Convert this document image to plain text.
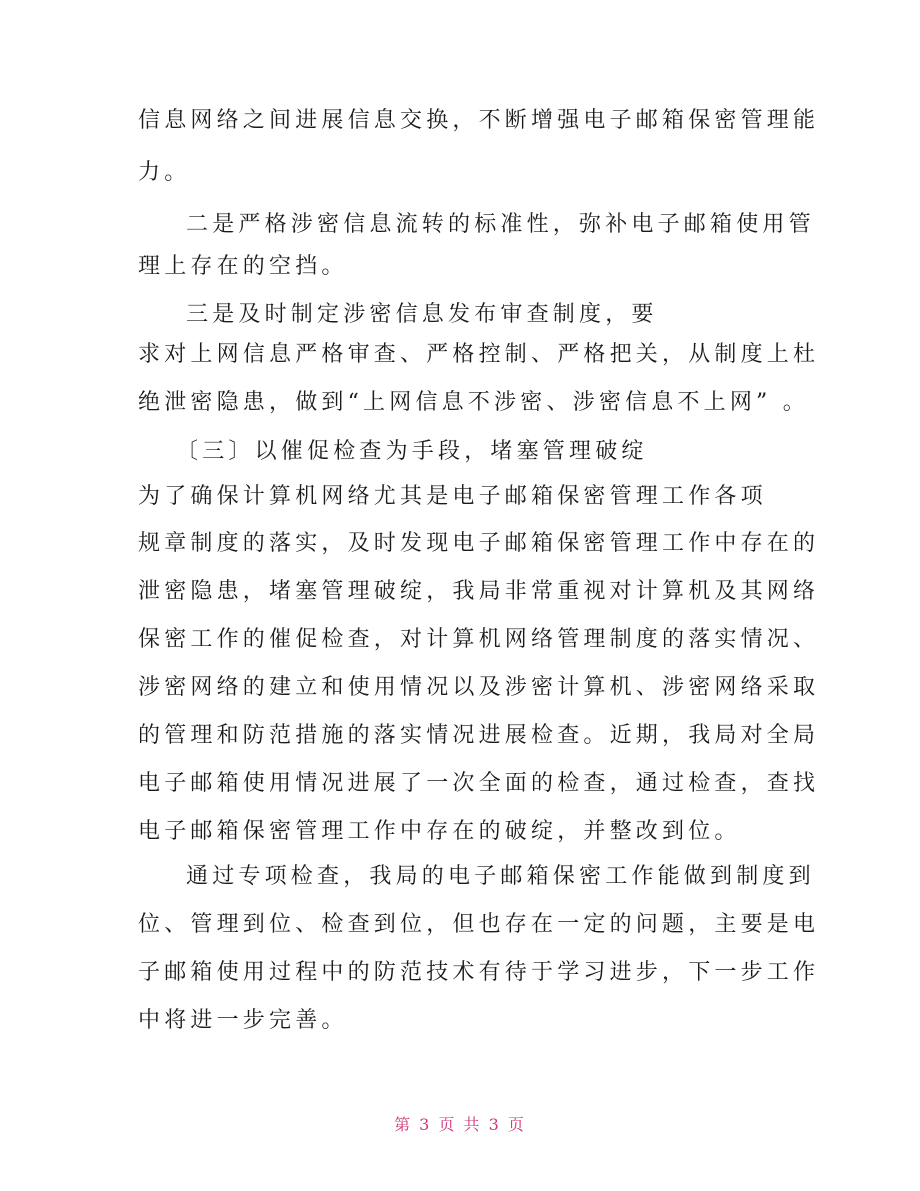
信息网络之间进展信息交换，不断增强电子邮箱保密管理能
力。
二是严格涉密信息流转的标准性，弥补电子邮箱使用管
理上存在的空挡。
三是及时制定涉密信息发布审查制度，要
求对上网信息严格审查、严格控制、严格把关，从制度上杜
绝泄密隐患，做到“上网信息不涉密、涉密信息不上网” 。
〔三〕以催促检查为手段，堵塞管理破绽
为了确保计算机网络尤其是电子邮箱保密管理工作各项
规章制度的落实，及时发现电子邮箱保密管理工作中存在的
泄密隐患，堵塞管理破绽，我局非常重视对计算机及其网络
保密工作的催促检查，对计算机网络管理制度的落实情况、
涉密网络的建立和使用情况以及涉密计算机、涉密网络采取
的管理和防范措施的落实情况进展检查。近期，我局对全局
电子邮箱使用情况进展了一次全面的检查，通过检查，查找
电子邮箱保密管理工作中存在的破绽，并整改到位。
通过专项检查，我局的电子邮箱保密工作能做到制度到
位、管理到位、检查到位，但也存在一定的问题，主要是电
子邮箱使用过程中的防范技术有待于学习进步，下一步工作
中将进一步完善。
第 3 页 共 3 页
